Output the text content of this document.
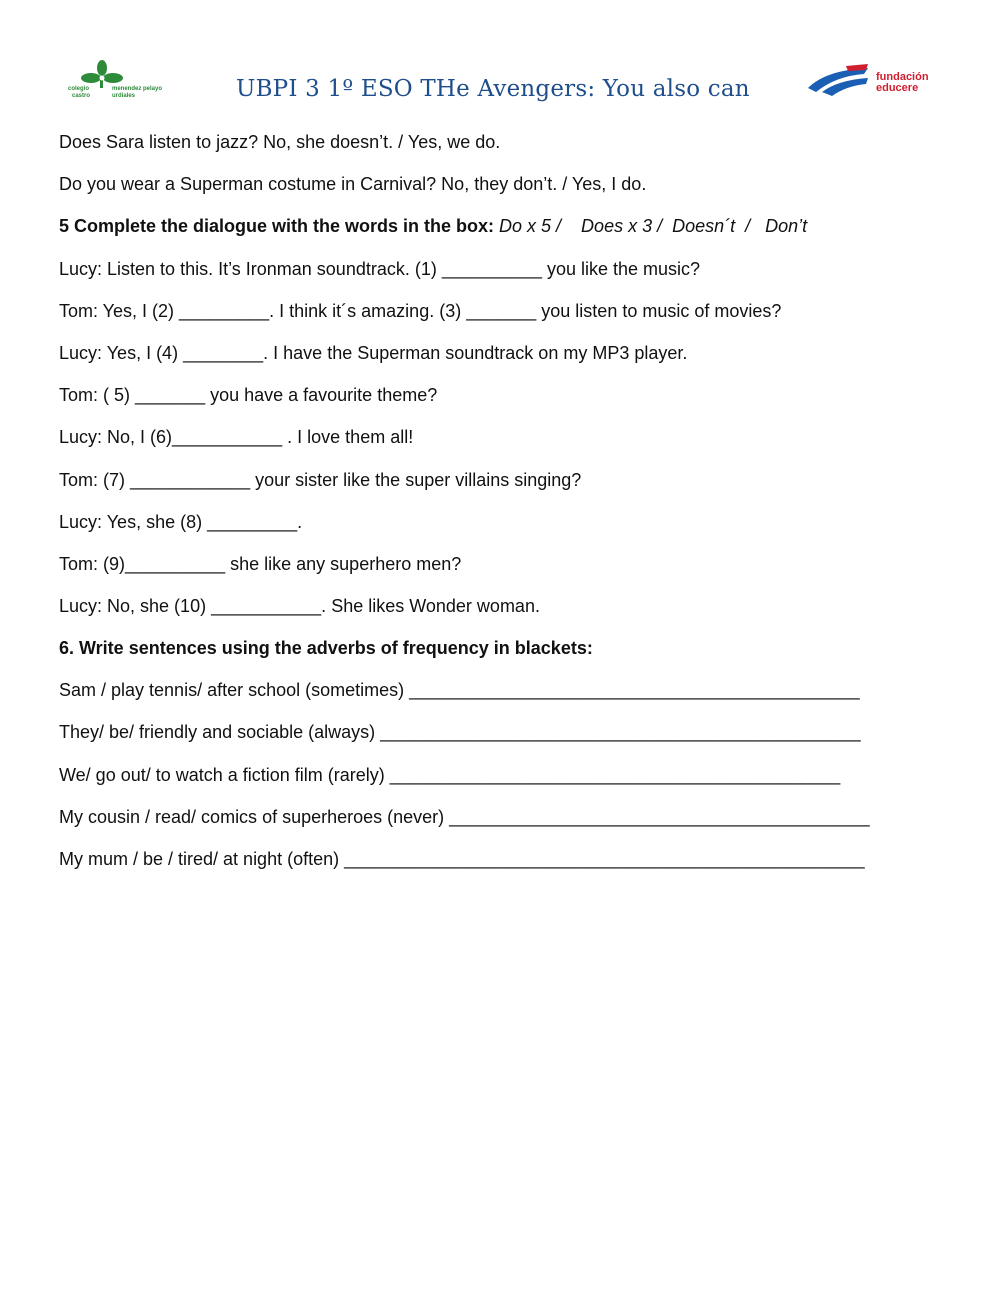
colegio	menendez pelayo
castro	urdiales	UBPI 3 1º ESO THe Avengers: You also can	fundación
educere
Does Sara listen to jazz? No, she doesn’t. / Yes, we do.
Do you wear a Superman costume in Carnival? No, they don’t. / Yes, I do.
5 Complete the dialogue with the words in the box: Do x 5 /    Does x 3 /  Doesn´t  /   Don’t
Lucy: Listen to this. It’s Ironman soundtrack. (1) __________ you like the music?
Tom: Yes, I (2) _________. I think it´s amazing. (3) _______ you listen to music of movies?
Lucy: Yes, I (4) ________. I have the Superman soundtrack on my MP3 player.
Tom: ( 5) _______ you have a favourite theme?
Lucy: No, I (6)___________ . I love them all!
Tom: (7) ____________ your sister like the super villains singing?
Lucy: Yes, she (8) _________.
Tom: (9)__________ she like any superhero men?
Lucy: No, she (10) ___________. She likes Wonder woman.
6. Write sentences using the adverbs of frequency in blackets:
Sam / play tennis/ after school (sometimes) _____________________________________________
They/ be/ friendly and sociable (always) ________________________________________________
We/ go out/ to watch a fiction film (rarely) _____________________________________________
My cousin / read/ comics of superheroes (never) __________________________________________
My mum / be / tired/ at night (often) ____________________________________________________
